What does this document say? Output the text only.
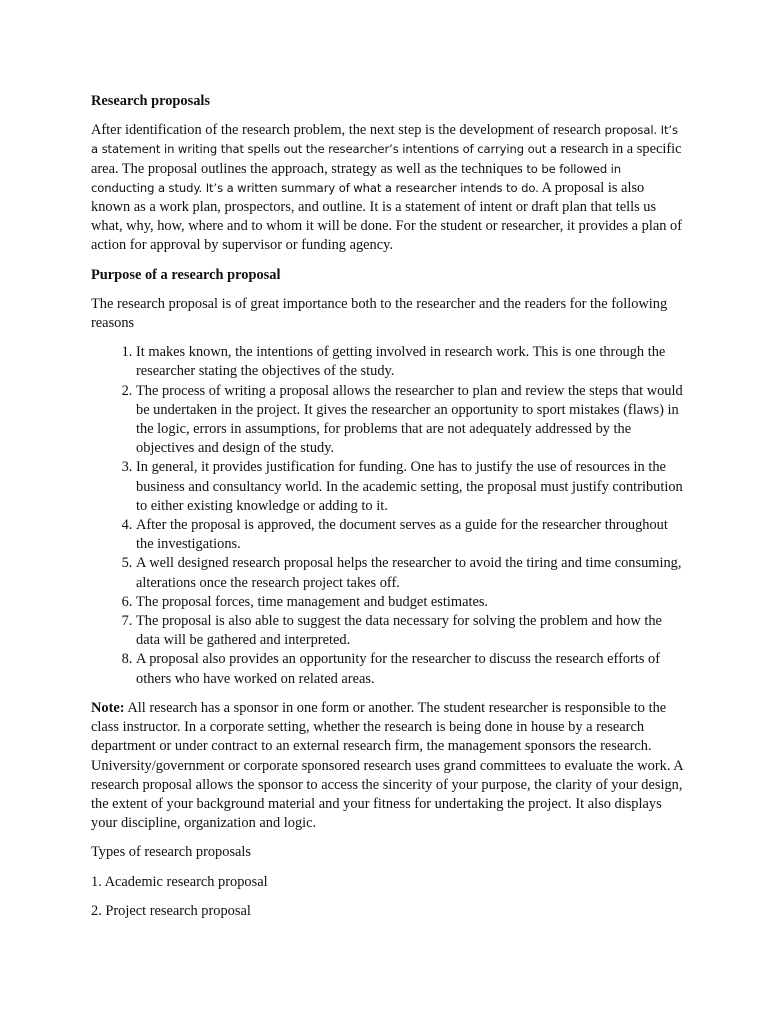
Research proposals

After identification of the research problem, the next step is the development of research proposal. It’s a statement in writing that spells out the researcher’s intentions of carrying out a research in a specific area. The proposal outlines the approach, strategy as well as the techniques to be followed in conducting a study. It’s a written summary of what a researcher intends to do. A proposal is also known as a work plan, prospectors, and outline. It is a statement of intent or draft plan that tells us what, why, how, where and to whom it will be done. For the student or researcher, it provides a plan of action for approval by supervisor or funding agency.

Purpose of a research proposal

The research proposal is of great importance both to the researcher and the readers for the following reasons

1. It makes known, the intentions of getting involved in research work. This is one through the researcher stating the objectives of the study.
2. The process of writing a proposal allows the researcher to plan and review the steps that would be undertaken in the project. It gives the researcher an opportunity to sport mistakes (flaws) in the logic, errors in assumptions, for problems that are not adequately addressed by the objectives and design of the study.
3. In general, it provides justification for funding. One has to justify the use of resources in the business and consultancy world. In the academic setting, the proposal must justify contribution to either existing knowledge or adding to it.
4. After the proposal is approved, the document serves as a guide for the researcher throughout the investigations.
5. A well designed research proposal helps the researcher to avoid the tiring and time consuming, alterations once the research project takes off.
6. The proposal forces, time management and budget estimates.
7. The proposal is also able to suggest the data necessary for solving the problem and how the data will be gathered and interpreted.
8. A proposal also provides an opportunity for the researcher to discuss the research efforts of others who have worked on related areas.

Note: All research has a sponsor in one form or another. The student researcher is responsible to the class instructor. In a corporate setting, whether the research is being done in house by a research department or under contract to an external research firm, the management sponsors the research. University/government or corporate sponsored research uses grand committees to evaluate the work. A research proposal allows the sponsor to access the sincerity of your purpose, the clarity of your design, the extent of your background material and your fitness for undertaking the project. It also displays your discipline, organization and logic.

Types of research proposals

1. Academic research proposal

2. Project research proposal
